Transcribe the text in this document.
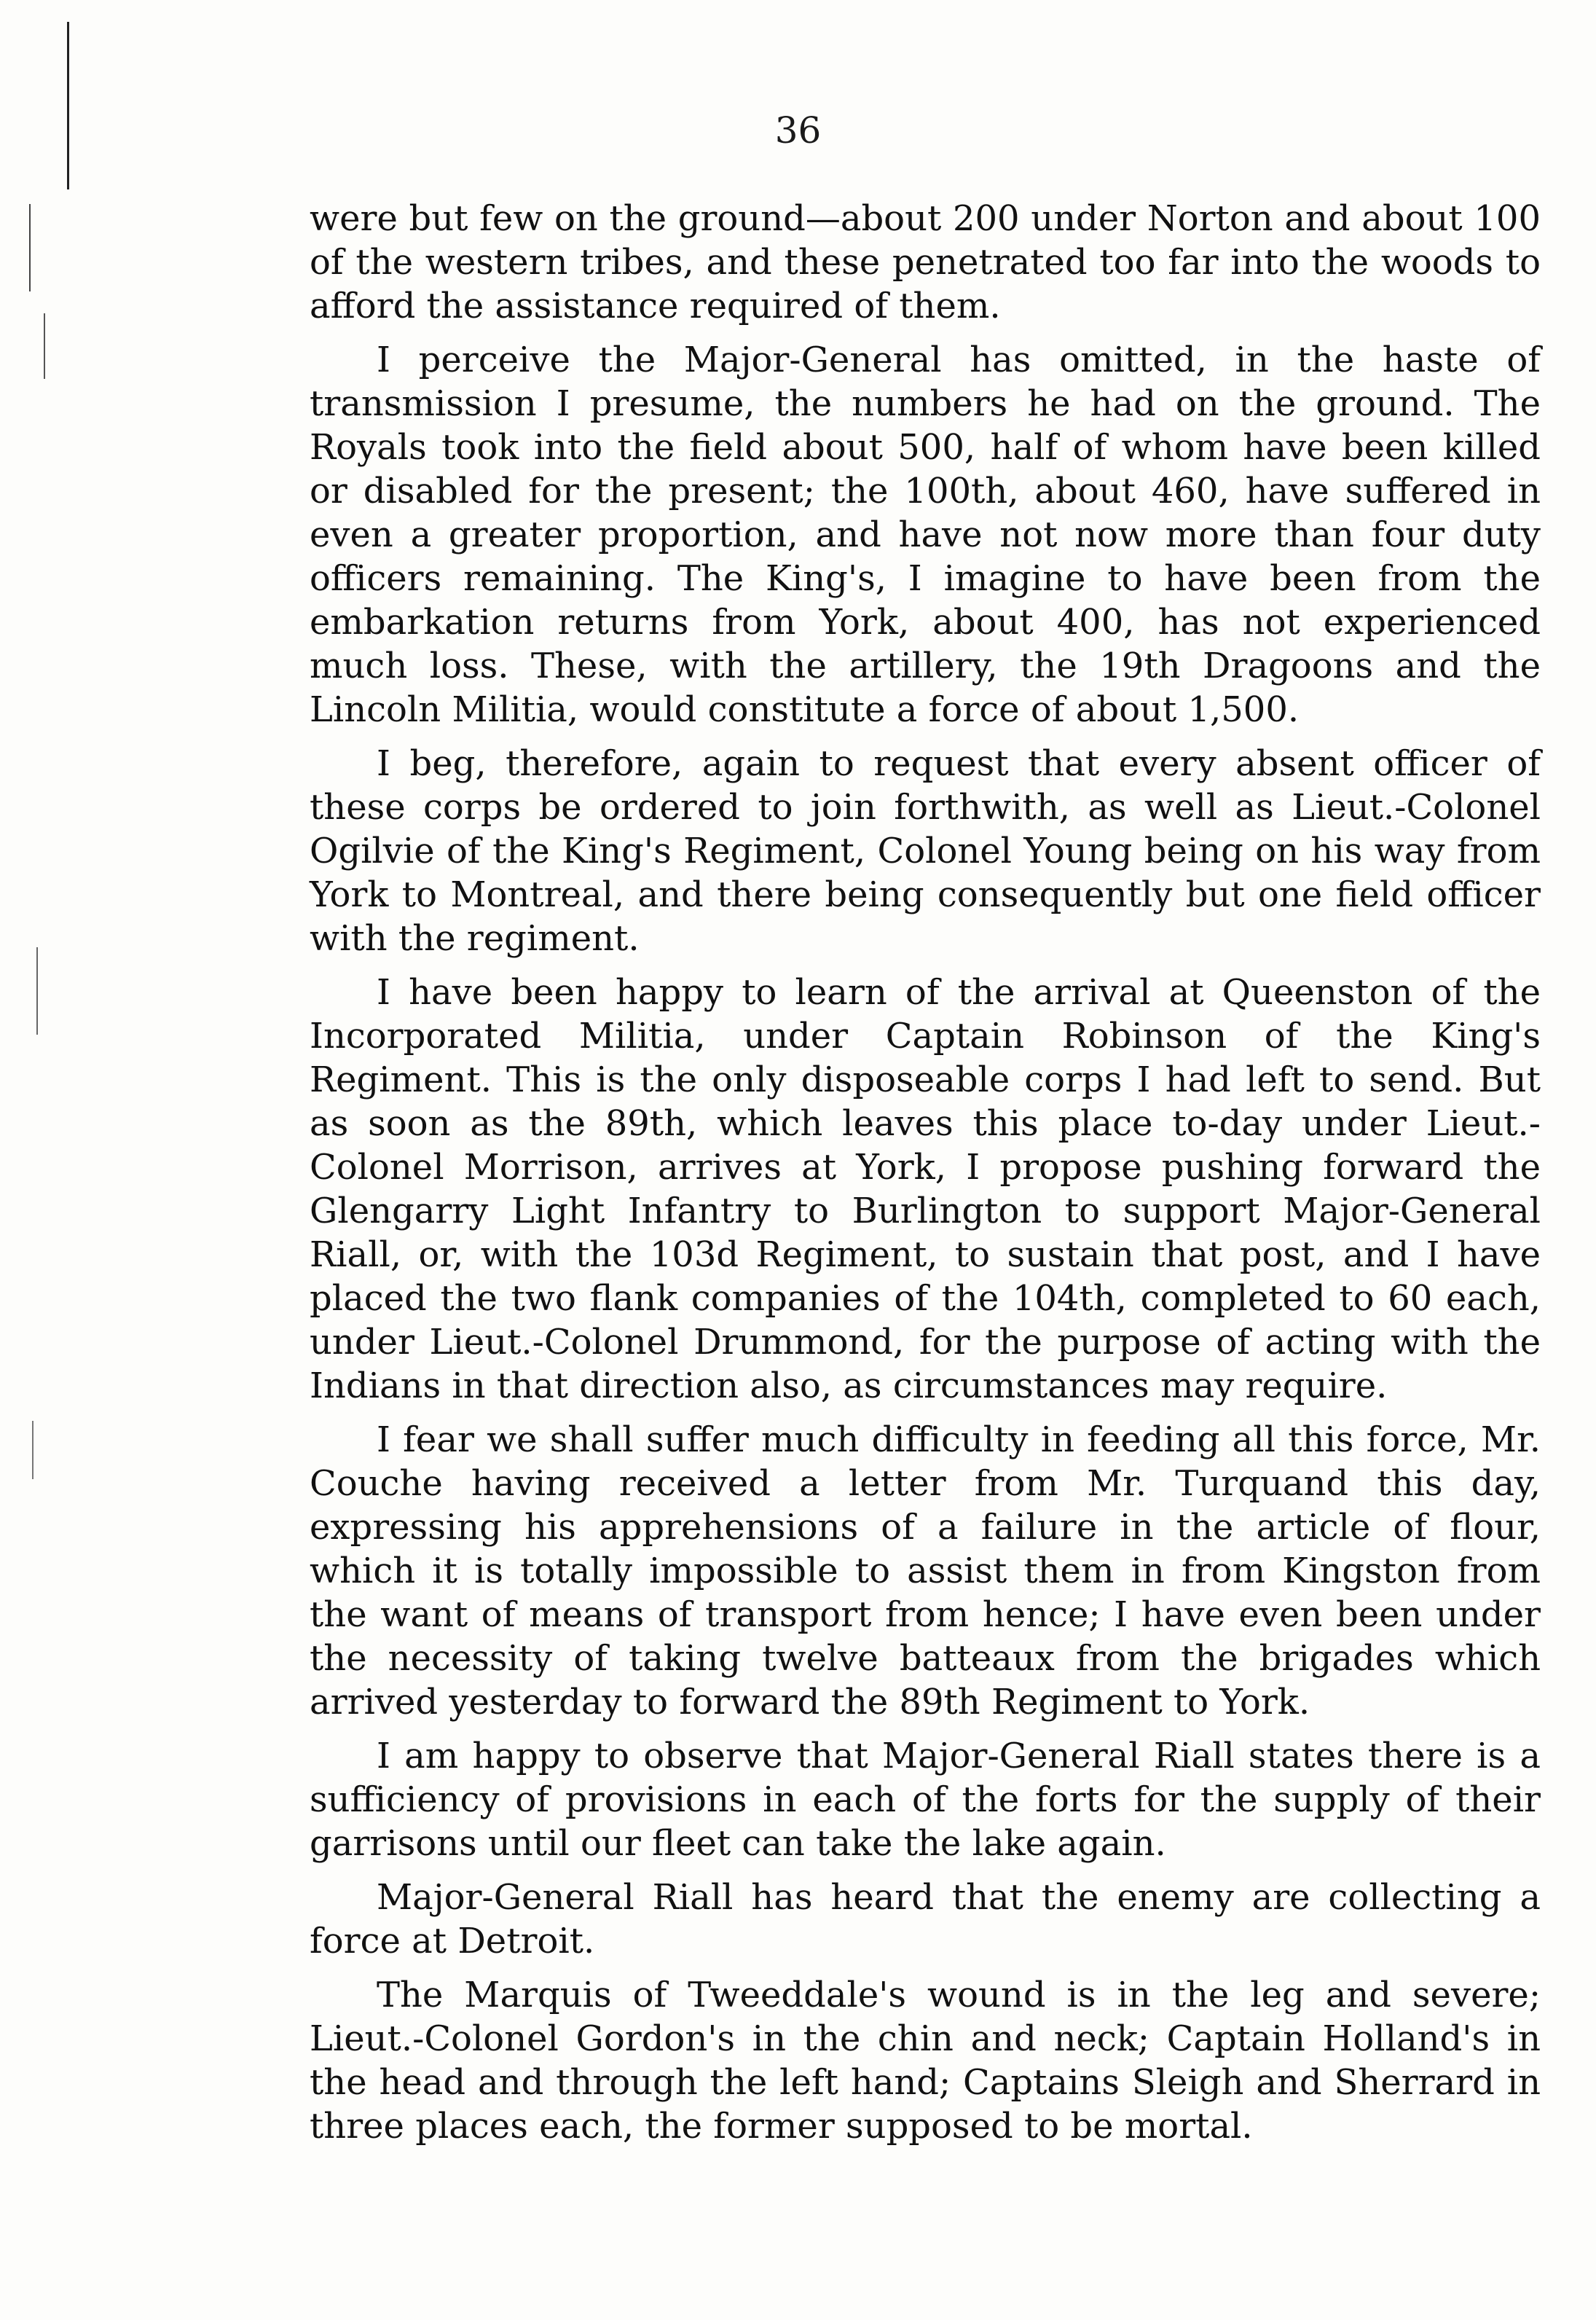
36

were but few on the ground—about 200 under Norton and about 100 of the western tribes, and these penetrated too far into the woods to afford the assistance required of them.

I perceive the Major-General has omitted, in the haste of transmission I presume, the numbers he had on the ground. The Royals took into the field about 500, half of whom have been killed or disabled for the present; the 100th, about 460, have suffered in even a greater proportion, and have not now more than four duty officers remaining. The King's, I imagine to have been from the embarkation returns from York, about 400, has not experienced much loss. These, with the artillery, the 19th Dragoons and the Lincoln Militia, would constitute a force of about 1,500.

I beg, therefore, again to request that every absent officer of these corps be ordered to join forthwith, as well as Lieut.-Colonel Ogilvie of the King's Regiment, Colonel Young being on his way from York to Montreal, and there being consequently but one field officer with the regiment.

I have been happy to learn of the arrival at Queenston of the Incorporated Militia, under Captain Robinson of the King's Regiment. This is the only disposeable corps I had left to send. But as soon as the 89th, which leaves this place to-day under Lieut.-Colonel Morrison, arrives at York, I propose pushing forward the Glengarry Light Infantry to Burlington to support Major-General Riall, or, with the 103d Regiment, to sustain that post, and I have placed the two flank companies of the 104th, completed to 60 each, under Lieut.-Colonel Drummond, for the purpose of acting with the Indians in that direction also, as circumstances may require.

I fear we shall suffer much difficulty in feeding all this force, Mr. Couche having received a letter from Mr. Turquand this day, expressing his apprehensions of a failure in the article of flour, which it is totally impossible to assist them in from Kingston from the want of means of transport from hence; I have even been under the necessity of taking twelve batteaux from the brigades which arrived yesterday to forward the 89th Regiment to York.

I am happy to observe that Major-General Riall states there is a sufficiency of provisions in each of the forts for the supply of their garrisons until our fleet can take the lake again.

Major-General Riall has heard that the enemy are collecting a force at Detroit.

The Marquis of Tweeddale's wound is in the leg and severe; Lieut.-Colonel Gordon's in the chin and neck; Captain Holland's in the head and through the left hand; Captains Sleigh and Sherrard in three places each, the former supposed to be mortal.
